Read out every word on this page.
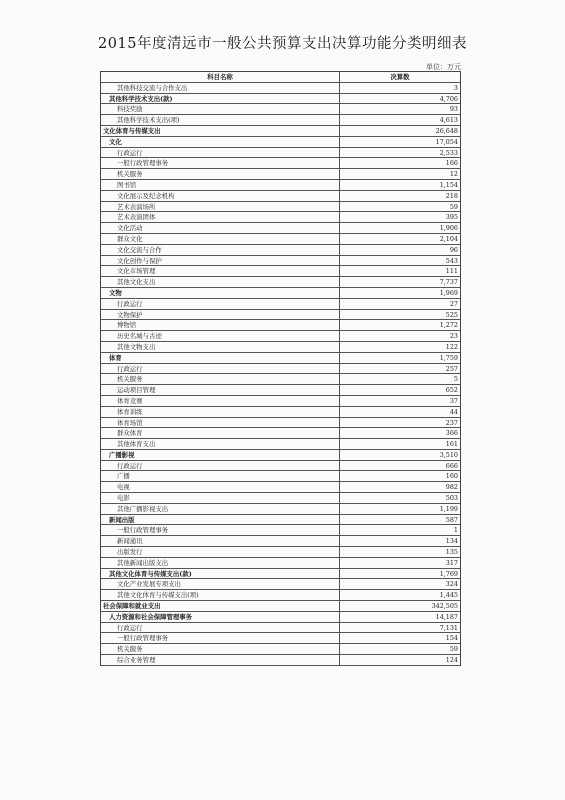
2015年度清远市一般公共预算支出决算功能分类明细表
单位：万元
科目名称	决算数
其他科技交流与合作支出	3
其他科学技术支出(款)	4,706
科技奖励	93
其他科学技术支出(项)	4,613
文化体育与传媒支出	26,648
文化	17,054
行政运行	2,533
一般行政管理事务	166
机关服务	12
图书馆	1,154
文化展示及纪念机构	218
艺术表演场所	59
艺术表演团体	395
文化活动	1,906
群众文化	2,104
文化交流与合作	96
文化创作与保护	543
文化市场管理	111
其他文化支出	7,737
文物	1,969
行政运行	27
文物保护	525
博物馆	1,272
历史名城与古迹	23
其他文物支出	122
体育	1,759
行政运行	257
机关服务	5
运动项目管理	652
体育竞赛	37
体育训练	44
体育场馆	237
群众体育	366
其他体育支出	161
广播影视	3,510
行政运行	666
广播	160
电视	982
电影	503
其他广播影视支出	1,199
新闻出版	587
一般行政管理事务	1
新闻通讯	134
出版发行	135
其他新闻出版支出	317
其他文化体育与传媒支出(款)	1,769
文化产业发展专项支出	324
其他文化体育与传媒支出(项)	1,445
社会保障和就业支出	342,505
人力资源和社会保障管理事务	14,187
行政运行	7,131
一般行政管理事务	154
机关服务	59
综合业务管理	124
